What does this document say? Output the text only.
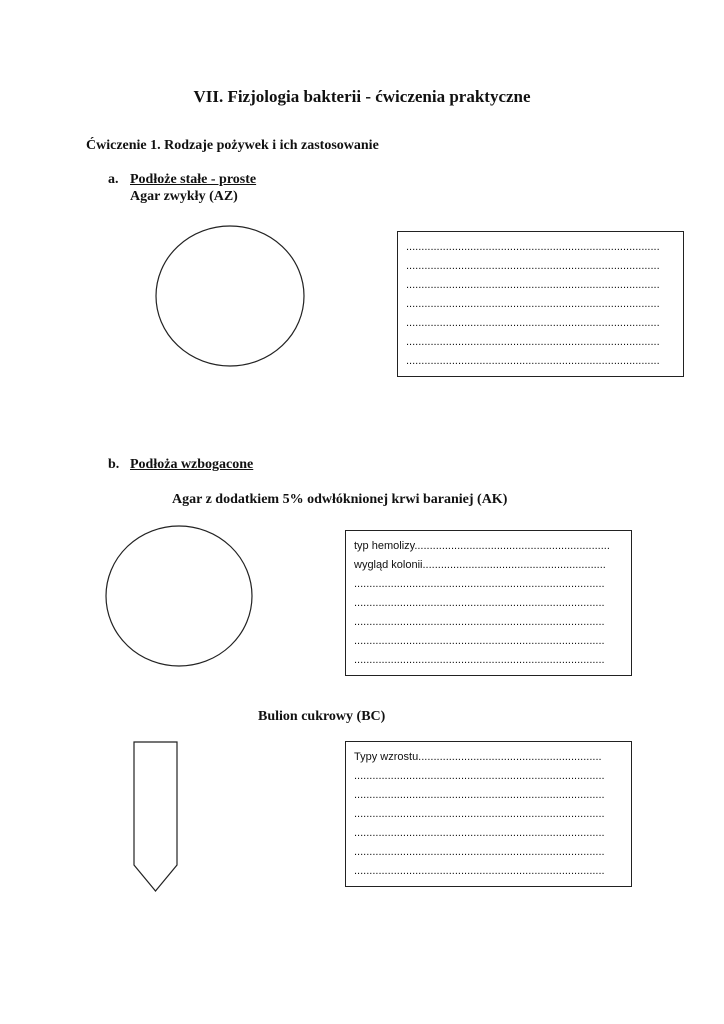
VII. Fizjologia bakterii - ćwiczenia praktyczne
Ćwiczenie 1. Rodzaje pożywek i ich zastosowanie
a. Podłoże stałe - proste
Agar zwykły (AZ)
...................................................................................
...................................................................................
...................................................................................
...................................................................................
...................................................................................
...................................................................................
...................................................................................
b. Podłoża wzbogacone
Agar z dodatkiem 5% odwłóknionej krwi baraniej (AK)
typ hemolizy................................................................
wygląd kolonii............................................................
..................................................................................
..................................................................................
..................................................................................
..................................................................................
..................................................................................
Bulion cukrowy (BC)
Typy wzrostu............................................................
..................................................................................
..................................................................................
..................................................................................
..................................................................................
..................................................................................
..................................................................................
